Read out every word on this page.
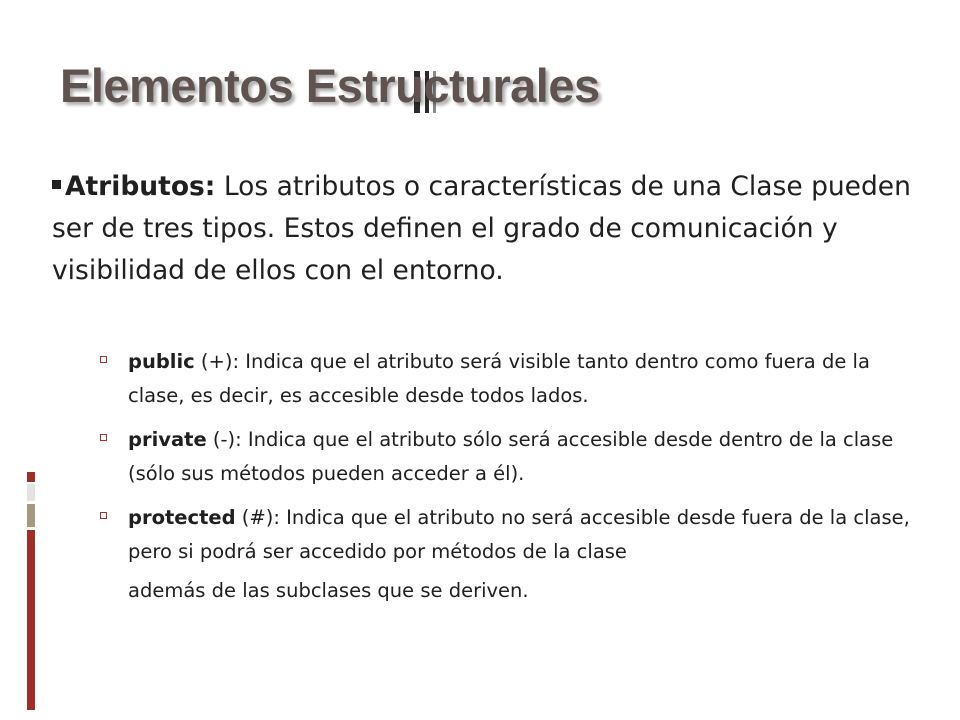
Elementos Estructurales

Atributos: Los atributos o características de una Clase pueden ser de tres tipos. Estos definen el grado de comunicación y visibilidad de ellos con el entorno.

public (+): Indica que el atributo será visible tanto dentro como fuera de la clase, es decir, es accesible desde todos lados.
private (-): Indica que el atributo sólo será accesible desde dentro de la clase (sólo sus métodos pueden acceder a él).
protected (#): Indica que el atributo no será accesible desde fuera de la clase, pero si podrá ser accedido por métodos de la clase
además de las subclases que se deriven.
